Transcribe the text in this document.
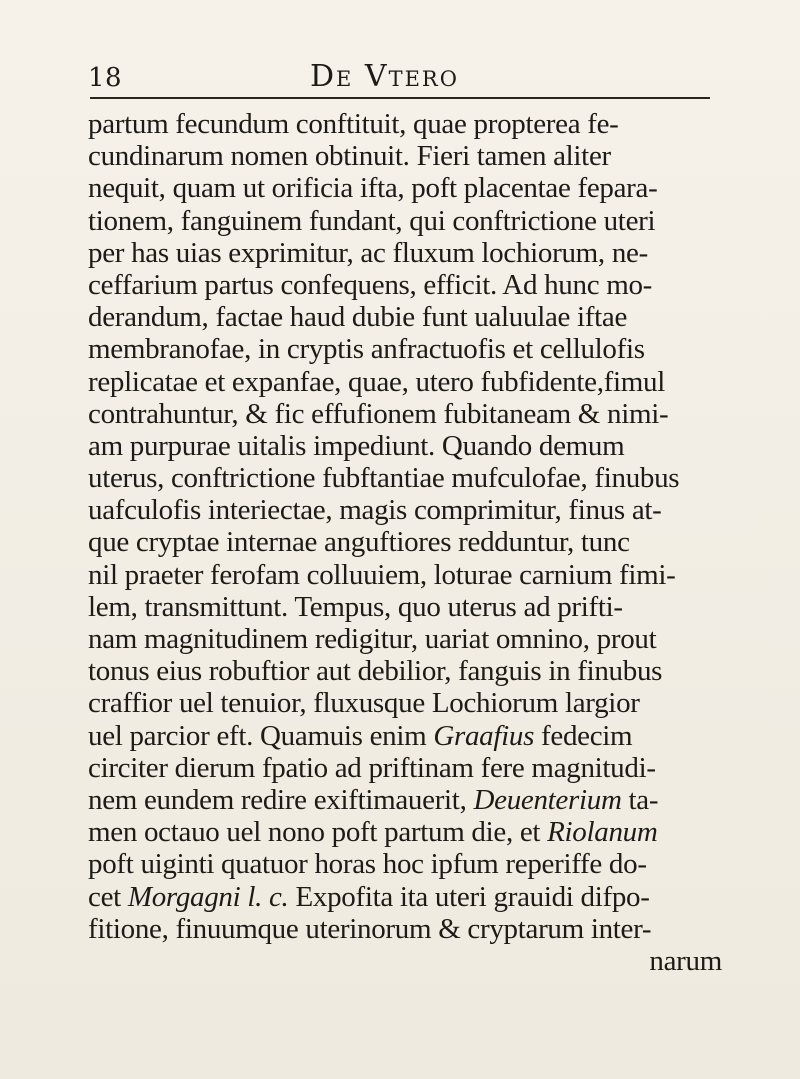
18	De Vtero
partum fecundum conftituit, quae propterea fe-
cundinarum nomen obtinuit. Fieri tamen aliter
nequit, quam ut orificia ifta, poft placentae fepara-
tionem, fanguinem fundant, qui conftrictione uteri
per has uias exprimitur, ac fluxum lochiorum, ne-
ceffarium partus confequens, efficit. Ad hunc mo-
derandum, factae haud dubie funt ualuulae iftae
membranofae, in cryptis anfractuofis et cellulofis
replicatae et expanfae, quae, utero fubfidente,fimul
contrahuntur, & fic effufionem fubitaneam & nimi-
am purpurae uitalis impediunt. Quando demum
uterus, conftrictione fubftantiae mufculofae, finubus
uafculofis interiectae, magis comprimitur, finus at-
que cryptae internae anguftiores redduntur, tunc
nil praeter ferofam colluuiem, loturae carnium fimi-
lem, transmittunt. Tempus, quo uterus ad prifti-
nam magnitudinem redigitur, uariat omnino, prout
tonus eius robuftior aut debilior, fanguis in finubus
craffior uel tenuior, fluxusque Lochiorum largior
uel parcior eft. Quamuis enim Graafius fedecim
circiter dierum fpatio ad priftinam fere magnitudi-
nem eundem redire exiftimauerit, Deuenterium ta-
men octauo uel nono poft partum die, et Riolanum
poft uiginti quatuor horas hoc ipfum reperiffe do-
cet Morgagni l. c. Expofita ita uteri grauidi difpo-
fitione, finuumque uterinorum & cryptarum inter-
narum
